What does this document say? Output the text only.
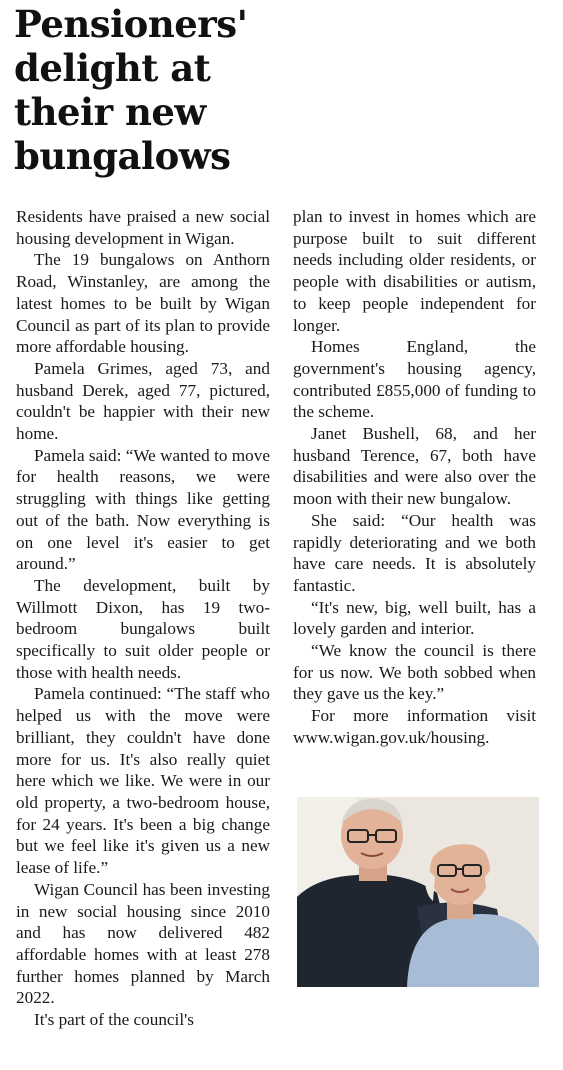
Pensioners'
delight at
their new
bungalows

Residents have praised a new social housing development in Wigan.

The 19 bungalows on Anthorn Road, Winstanley, are among the latest homes to be built by Wigan Council as part of its plan to provide more affordable housing.

Pamela Grimes, aged 73, and husband Derek, aged 77, pictured, couldn't be happier with their new home.

Pamela said: “We wanted to move for health reasons, we were struggling with things like getting out of the bath. Now everything is on one level it's easier to get around.”

The development, built by Willmott Dixon, has 19 two-bedroom bungalows built specifically to suit older people or those with health needs.

Pamela continued: “The staff who helped us with the move were brilliant, they couldn't have done more for us. It's also really quiet here which we like. We were in our old property, a two-bedroom house, for 24 years. It's been a big change but we feel like it's given us a new lease of life.”

Wigan Council has been investing in new social housing since 2010 and has now delivered 482 affordable homes with at least 278 further homes planned by March 2022.

It's part of the council's

plan to invest in homes which are purpose built to suit different needs including older residents, or people with disabilities or autism, to keep people independent for longer.

Homes England, the government's housing agency, contributed £855,000 of funding to the scheme.

Janet Bushell, 68, and her husband Terence, 67, both have disabilities and were also over the moon with their new bungalow.

She said: “Our health was rapidly deteriorating and we both have care needs. It is absolutely fantastic.

“It's new, big, well built, has a lovely garden and interior.

“We know the council is there for us now. We both sobbed when they gave us the key.”

For more information visit www.wigan.gov.uk/housing.
